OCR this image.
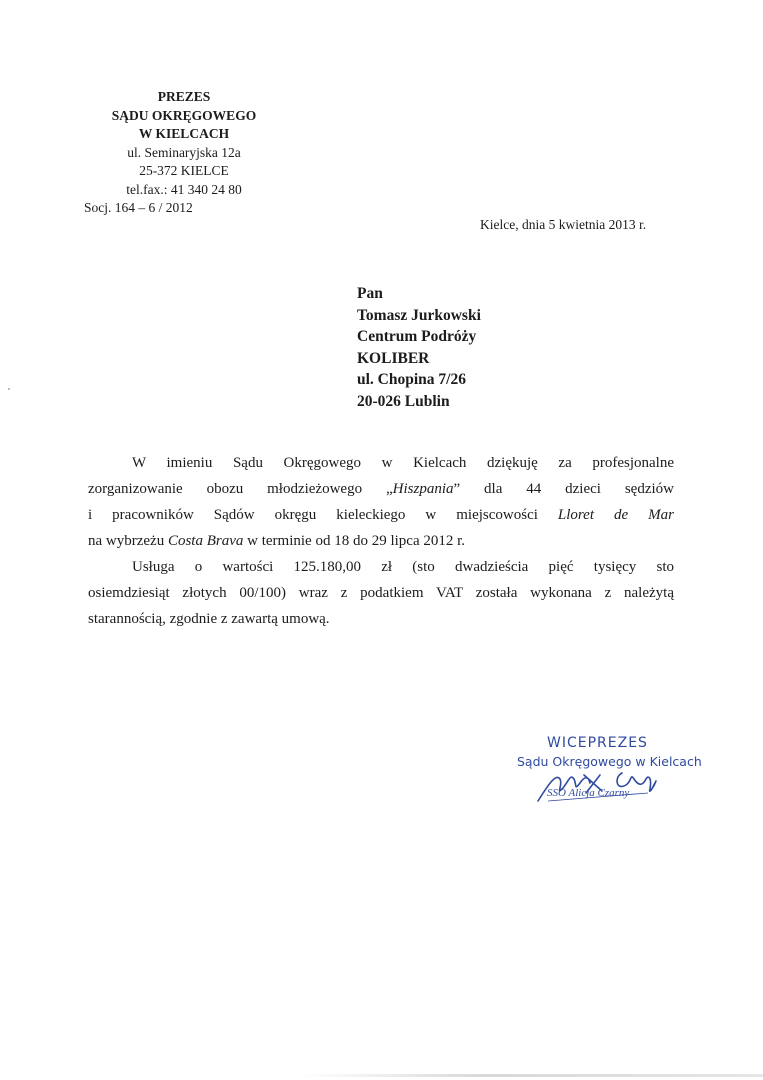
PREZES
SĄDU OKRĘGOWEGO
W KIELCACH
ul. Seminaryjska 12a
25-372 KIELCE
tel.fax.: 41 340 24 80
Socj. 164 – 6 / 2012
Kielce, dnia 5 kwietnia 2013 r.
Pan
Tomasz Jurkowski
Centrum Podróży
KOLIBER
ul. Chopina 7/26
20-026 Lublin

W imieniu Sądu Okręgowego w Kielcach dziękuję za profesjonalne

zorganizowanie obozu młodzieżowego „Hiszpania” dla 44 dzieci sędziów

i pracowników Sądów okręgu kieleckiego w miejscowości Lloret de Mar

na wybrzeżu Costa Brava w terminie od 18 do 29 lipca 2012 r.

Usługa o wartości 125.180,00 zł (sto dwadzieścia pięć tysięcy sto

osiemdziesiąt złotych 00/100) wraz z podatkiem VAT została wykonana z należytą

starannością, zgodnie z zawartą umową.

WICEPREZES
Sądu Okręgowego w Kielcach
SSO Alicja Czarny
